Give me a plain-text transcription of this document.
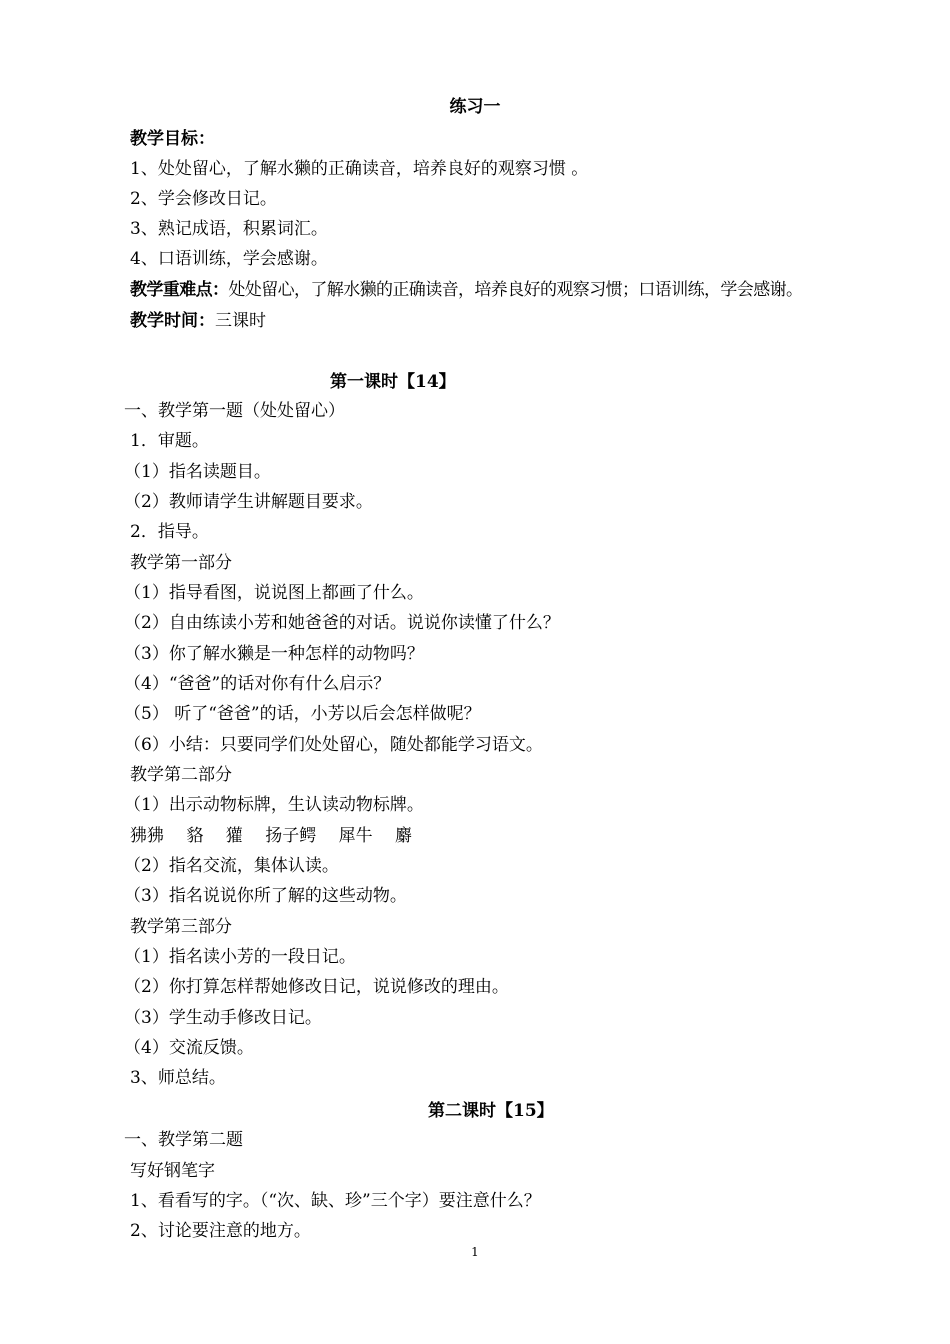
练习一
教学目标：
1、处处留心，了解水獭的正确读音，培养良好的观察习惯 。
2、学会修改日记。
3、熟记成语，积累词汇。
4、口语训练，学会感谢。
教学重难点：处处留心，了解水獭的正确读音，培养良好的观察习惯；口语训练，学会感谢。
教学时间：三课时
第一课时【14】
一、教学第一题（处处留心）
1．审题。
（1）指名读题目。
（2）教师请学生讲解题目要求。
2．指导。
教学第一部分
（1）指导看图，说说图上都画了什么。
（2）自由练读小芳和她爸爸的对话。说说你读懂了什么？
（3）你了解水獭是一种怎样的动物吗？
（4）“爸爸”的话对你有什么启示？
（5） 听了“爸爸”的话，小芳以后会怎样做呢？
（6）小结：只要同学们处处留心，随处都能学习语文。
教学第二部分
（1）出示动物标牌，生认读动物标牌。
狒狒　 貉　 獾　 扬子鳄　 犀牛　 麝
（2）指名交流，集体认读。
（3）指名说说你所了解的这些动物。
教学第三部分
（1）指名读小芳的一段日记。
（2）你打算怎样帮她修改日记，说说修改的理由。
（3）学生动手修改日记。
（4）交流反馈。
3、师总结。
第二课时【15】
一、教学第二题
写好钢笔字
1、看看写的字。（“次、缺、珍”三个字）要注意什么？
2、讨论要注意的地方。
1
